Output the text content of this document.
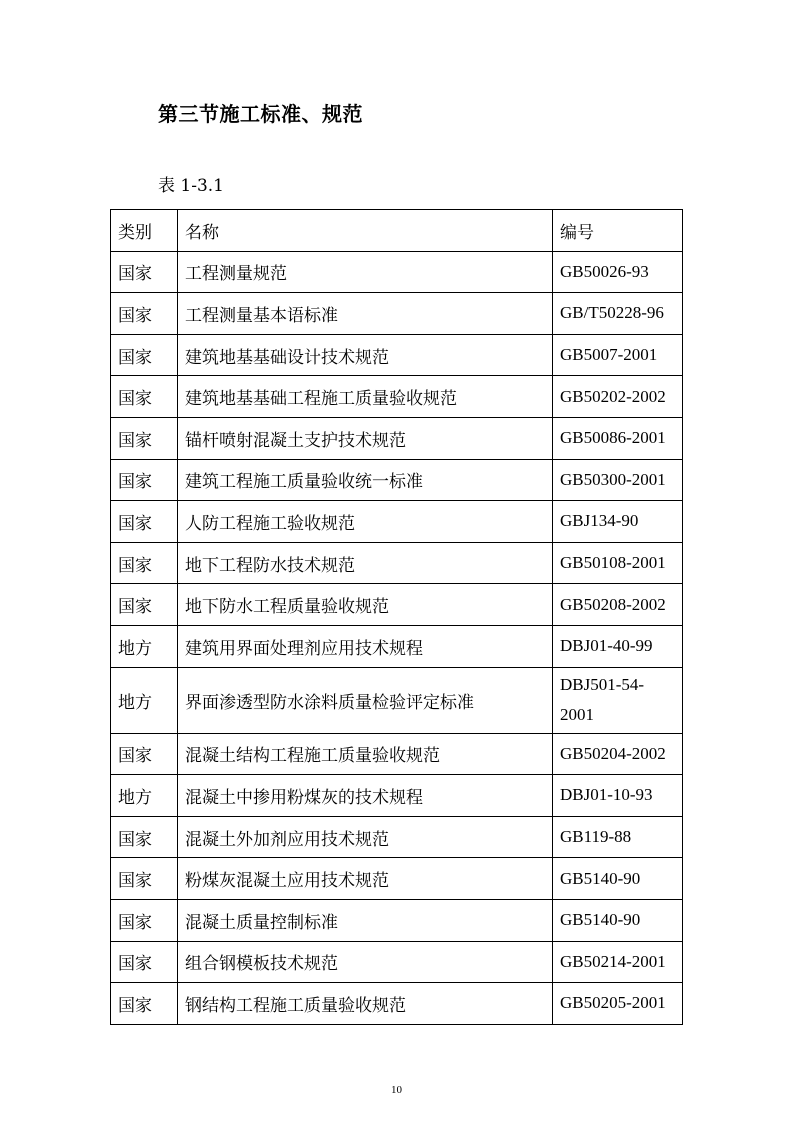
第三节施工标准、规范
表 1-3.1
类别	名称	编号
国家	工程测量规范	GB50026-93
国家	工程测量基本语标准	GB/T50228-96
国家	建筑地基基础设计技术规范	GB5007-2001
国家	建筑地基基础工程施工质量验收规范	GB50202-2002
国家	锚杆喷射混凝土支护技术规范	GB50086-2001
国家	建筑工程施工质量验收统一标准	GB50300-2001
国家	人防工程施工验收规范	GBJ134-90
国家	地下工程防水技术规范	GB50108-2001
国家	地下防水工程质量验收规范	GB50208-2002
地方	建筑用界面处理剂应用技术规程	DBJ01-40-99
地方	界面渗透型防水涂料质量检验评定标准	DBJ501-54-2001
国家	混凝土结构工程施工质量验收规范	GB50204-2002
地方	混凝土中掺用粉煤灰的技术规程	DBJ01-10-93
国家	混凝土外加剂应用技术规范	GB119-88
国家	粉煤灰混凝土应用技术规范	GB5140-90
国家	混凝土质量控制标准	GB5140-90
国家	组合钢模板技术规范	GB50214-2001
国家	钢结构工程施工质量验收规范	GB50205-2001
10
